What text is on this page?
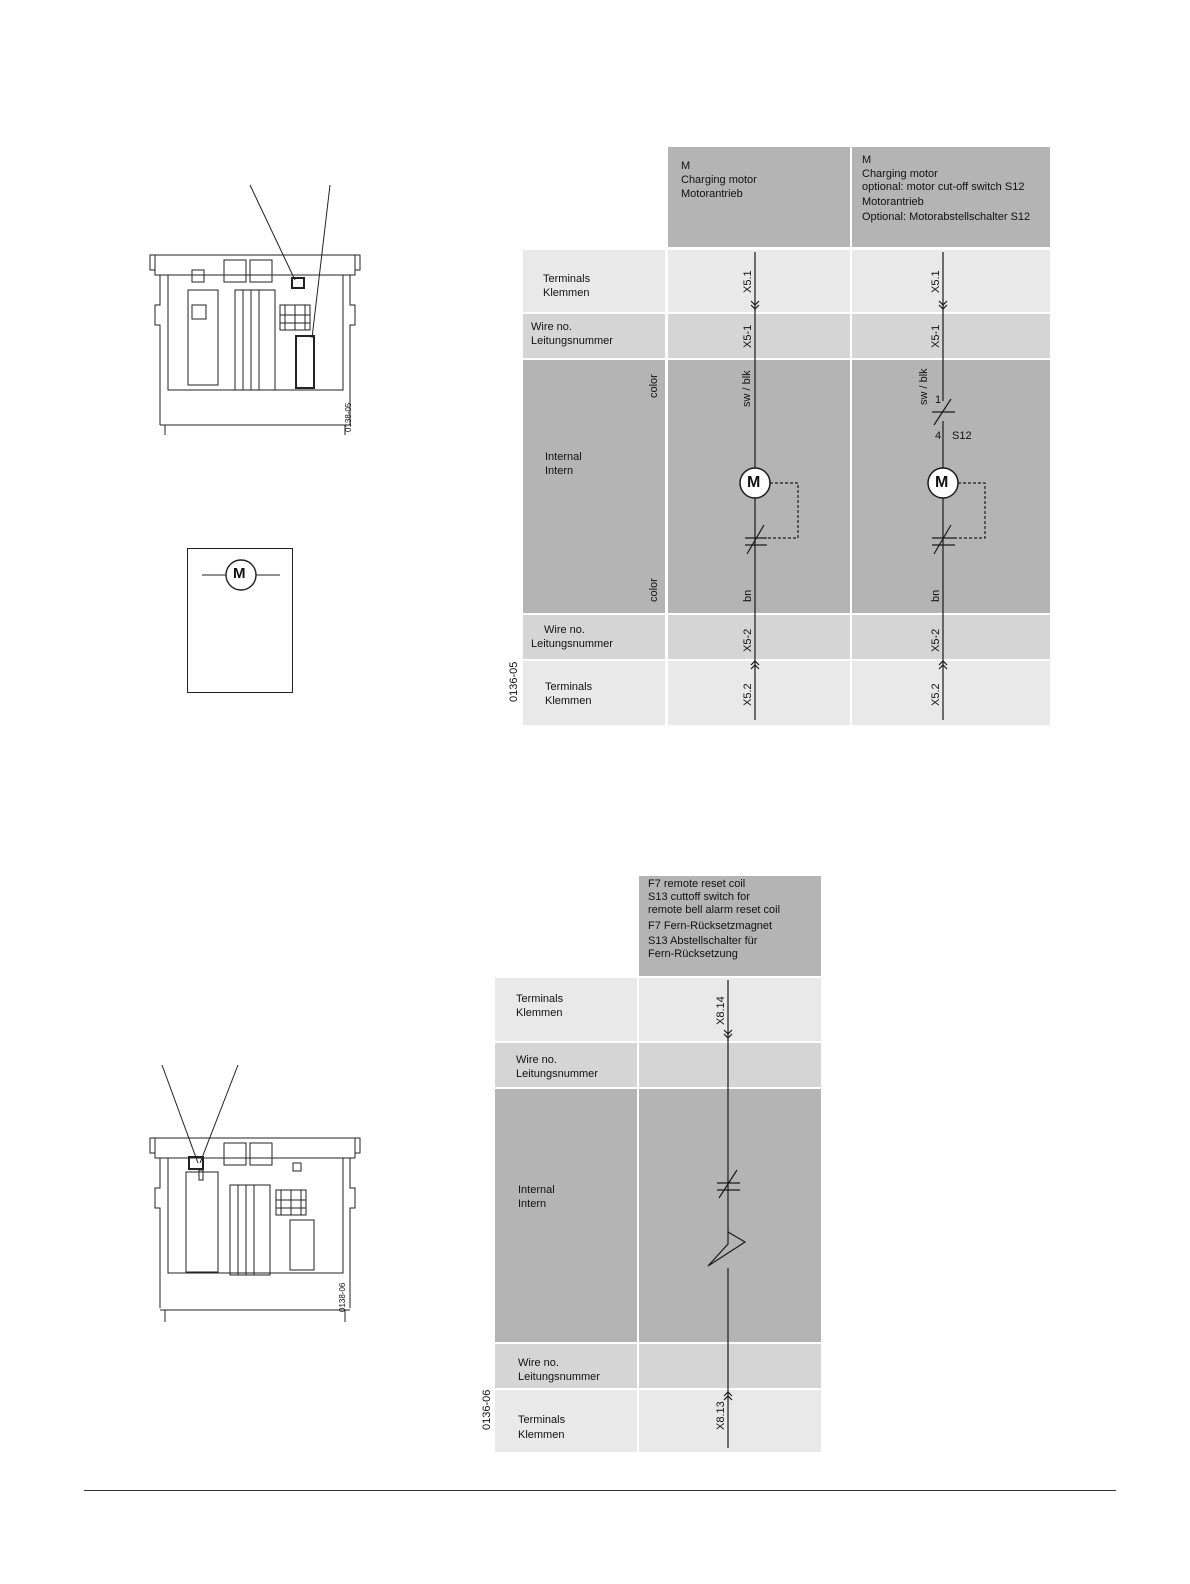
0138-05
M
M
Charging motor
Motorantrieb
M
Charging motor
optional: motor cut-off switch S12
Motorantrieb
Optional: Motorabstellschalter S12
Terminals
Klemmen
Wire no.
Leitungsnummer
Internal
Intern
Wire no.
Leitungsnummer
Terminals
Klemmen
color
color
0136-05
M	M
X5.1
X5-1
sw / blk
bn
X5-2
X5.2
X5.1
X5-1
sw / blk 1
4 S12
bn
X5-2
X5.2
0138-06
F7 remote reset coil
S13 cuttoff switch for
remote bell alarm reset coil
F7 Fern-Rücksetzmagnet
S13 Abstellschalter für
Fern-Rücksetzung
Terminals
Klemmen
Wire no.
Leitungsnummer
Internal
Intern
Wire no.
Leitungsnummer
Terminals
Klemmen
0136-06
X8.14
X8.13
